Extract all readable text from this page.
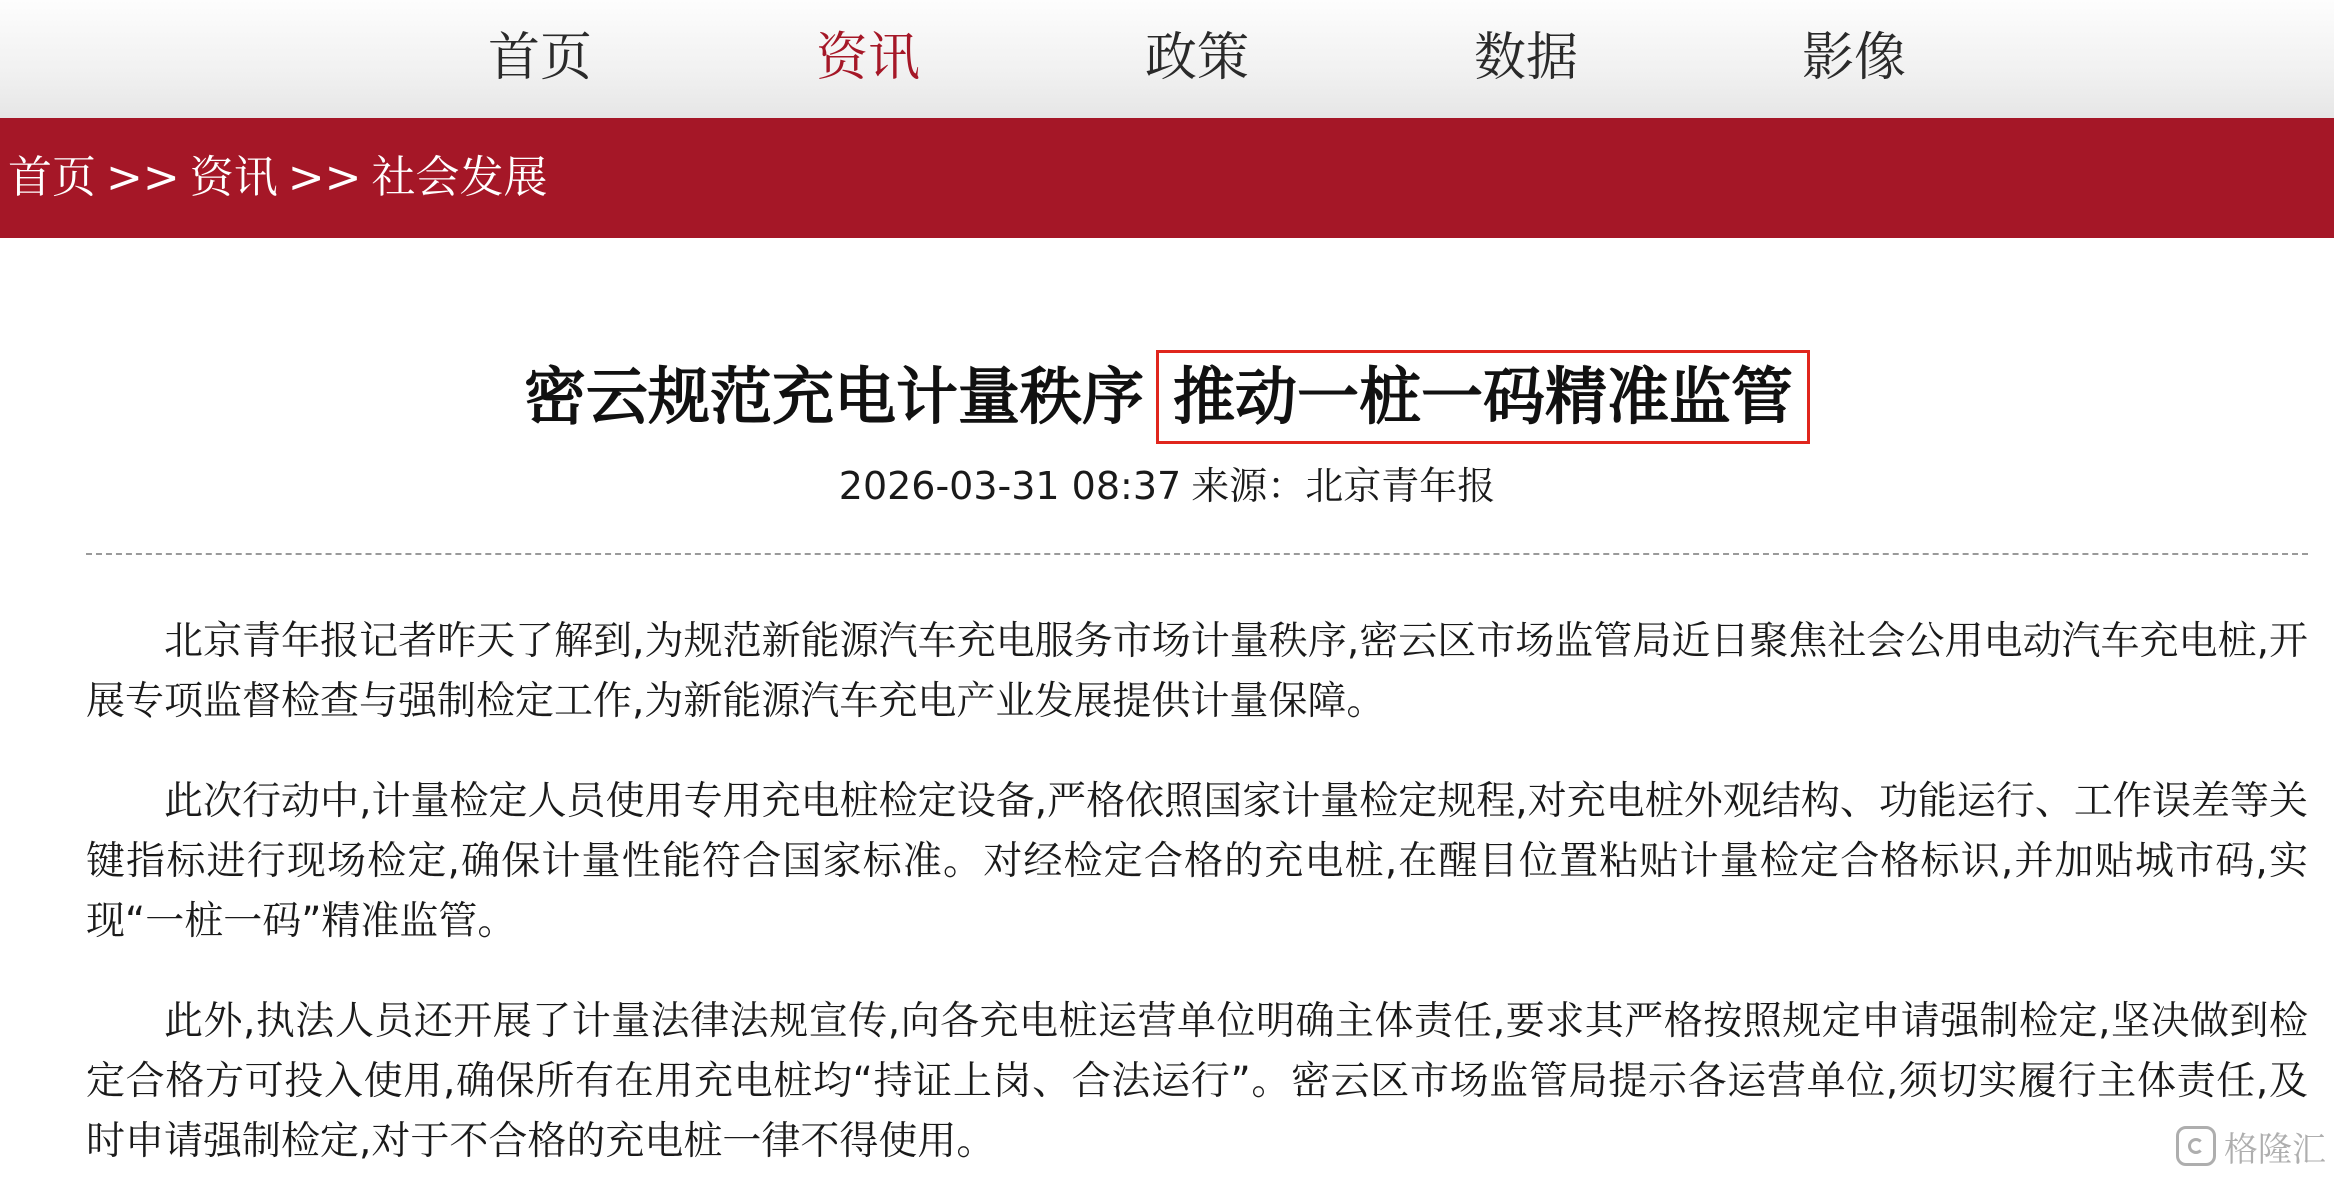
首页	资讯	政策	数据	影像
首页 >> 资讯 >> 社会发展
密云规范充电计量秩序 推动一桩一码精准监管
2026-03-31 08:37 来源：北京青年报

北京青年报记者昨天了解到,为规范新能源汽车充电服务市场计量秩序,密云区市场监管局近日聚焦社会公用电动汽车充电桩,开展专项监督检查与强制检定工作,为新能源汽车充电产业发展提供计量保障。

此次行动中,计量检定人员使用专用充电桩检定设备,严格依照国家计量检定规程,对充电桩外观结构、功能运行、工作误差等关键指标进行现场检定,确保计量性能符合国家标准。对经检定合格的充电桩,在醒目位置粘贴计量检定合格标识,并加贴城市码,实现“一桩一码”精准监管。

此外,执法人员还开展了计量法律法规宣传,向各充电桩运营单位明确主体责任,要求其严格按照规定申请强制检定,坚决做到检定合格方可投入使用,确保所有在用充电桩均“持证上岗、合法运行”。密云区市场监管局提示各运营单位,须切实履行主体责任,及时申请强制检定,对于不合格的充电桩一律不得使用。	格隆汇
